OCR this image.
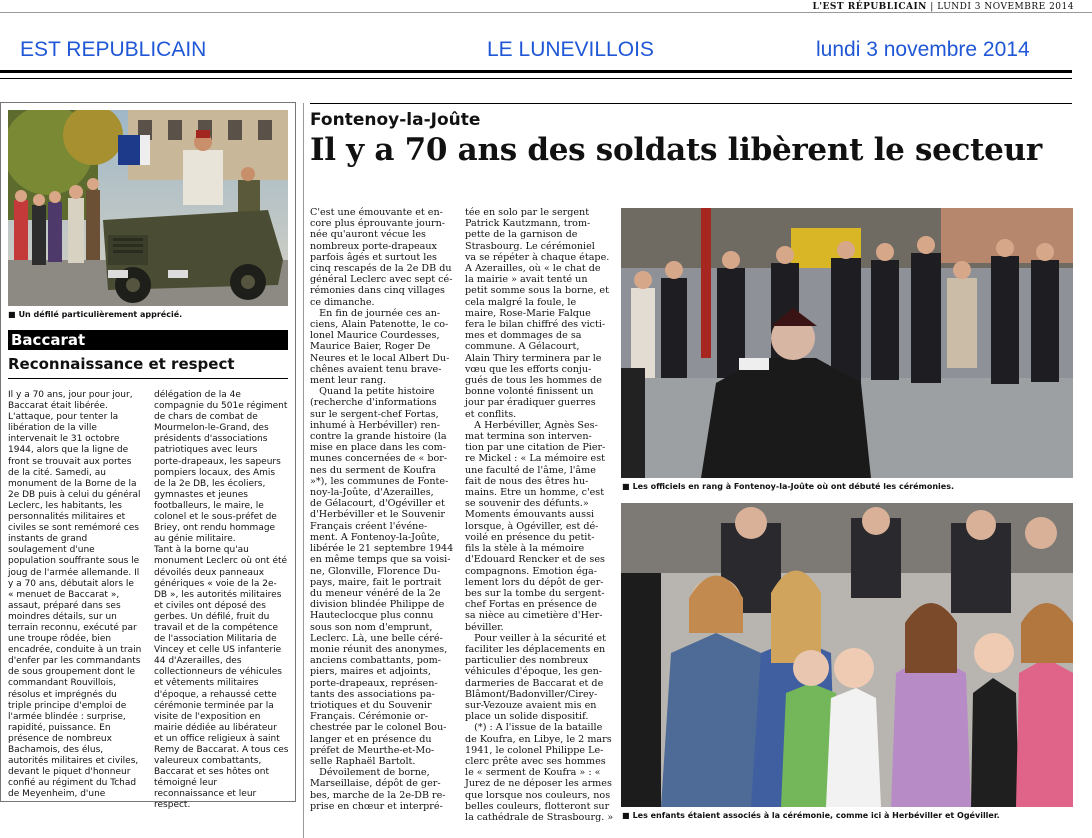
L'EST RÉPUBLICAIN | LUNDI 3 NOVEMBRE 2014
EST REPUBLICAIN	LE LUNEVILLOIS	lundi 3 novembre 2014
■ Un défilé particulièrement apprécié.
Baccarat
Reconnaissance et respect
Il y a 70 ans, jour pour jour,
Baccarat était libérée.
L'attaque, pour tenter la
libération de la ville
intervenait le 31 octobre
1944, alors que la ligne de
front se trouvait aux portes
de la cité. Samedi, au
monument de la Borne de la
2e DB puis à celui du général
Leclerc, les habitants, les
personnalités militaires et
civiles se sont remémoré ces
instants de grand
soulagement d'une
population souffrante sous le
joug de l'armée allemande. Il
y a 70 ans, débutait alors le
« menuet de Baccarat »,
assaut, préparé dans ses
moindres détails, sur un
terrain reconnu, exécuté par
une troupe rôdée, bien
encadrée, conduite à un train
d'enfer par les commandants
de sous groupement dont le
commandant Rouvillois,
résolus et imprégnés du
triple principe d'emploi de
l'armée blindée : surprise,
rapidité, puissance. En
présence de nombreux
Bachamois, des élus,
autorités militaires et civiles,
devant le piquet d'honneur
confié au régiment du Tchad
de Meyenheim, d'une
délégation de la 4e
compagnie du 501e régiment
de chars de combat de
Mourmelon-le-Grand, des
présidents d'associations
patriotiques avec leurs
porte-drapeaux, les sapeurs
pompiers locaux, des Amis
de la 2e DB, les écoliers,
gymnastes et jeunes
footballeurs, le maire, le
colonel et le sous-préfet de
Briey, ont rendu hommage
au génie militaire.
Tant à la borne qu'au
monument Leclerc où ont été
dévoilés deux panneaux
génériques « voie de la 2e-
DB », les autorités militaires
et civiles ont déposé des
gerbes. Un défilé, fruit du
travail et de la compétence
de l'association Militaria de
Vincey et celle US infanterie
44 d'Azerailles, des
collectionneurs de véhicules
et vêtements militaires
d'époque, a rehaussé cette
cérémonie terminée par la
visite de l'exposition en
mairie dédiée au libérateur
et un office religieux à saint
Remy de Baccarat. A tous ces
valeureux combattants,
Baccarat et ses hôtes ont
témoigné leur
reconnaissance et leur
respect.
Fontenoy-la-Joûte
Il y a 70 ans des soldats libèrent le secteur
C'est une émouvante et en-
core plus éprouvante journ-
née qu'auront vécue les
nombreux porte-drapeaux
parfois âgés et surtout les
cinq rescapés de la 2e DB du
général Leclerc avec sept cé-
rémonies dans cinq villages
ce dimanche.
En fin de journée ces an-
ciens, Alain Patenotte, le co-
lonel Maurice Courdesses,
Maurice Baier, Roger De
Neures et le local Albert Du-
chênes avaient tenu brave-
ment leur rang.
Quand la petite histoire
(recherche d'informations
sur le sergent-chef Fortas,
inhumé à Herbéviller) ren-
contre la grande histoire (la
mise en place dans les com-
munes concernées de « bor-
nes du serment de Koufra
»*), les communes de Fonte-
noy-la-Joûte, d'Azerailles,
de Gélacourt, d'Ogéviller et
d'Herbéviller et le Souvenir
Français créent l'événe-
ment. A Fontenoy-la-Joûte,
libérée le 21 septembre 1944
en même temps que sa voisi-
ne, Glonville, Florence Du-
pays, maire, fait le portrait
du meneur vénéré de la 2e
division blindée Philippe de
Hauteclocque plus connu
sous son nom d'emprunt,
Leclerc. Là, une belle céré-
monie réunit des anonymes,
anciens combattants, pom-
piers, maires et adjoints,
porte-drapeaux, représen-
tants des associations pa-
triotiques et du Souvenir
Français. Cérémonie or-
chestrée par le colonel Bou-
langer et en présence du
préfet de Meurthe-et-Mo-
selle Raphaël Bartolt.
Dévoilement de borne,
Marseillaise, dépôt de ger-
bes, marche de la 2e-DB re-
prise en chœur et interpré-
tée en solo par le sergent
Patrick Kautzmann, trom-
pette de la garnison de
Strasbourg. Le cérémoniel
va se répéter à chaque étape.
A Azerailles, où « le chat de
la mairie » avait tenté un
petit somme sous la borne, et
cela malgré la foule, le
maire, Rose-Marie Falque
fera le bilan chiffré des victi-
mes et dommages de sa
commune. A Gélacourt,
Alain Thiry terminera par le
vœu que les efforts conju-
gués de tous les hommes de
bonne volonté finissent un
jour par éradiquer guerres
et conflits.
A Herbéviller, Agnès Ses-
mat termina son interven-
tion par une citation de Pier-
re Mickel : « La mémoire est
une faculté de l'âme, l'âme
fait de nous des êtres hu-
mains. Etre un homme, c'est
se souvenir des défunts.»
Moments émouvants aussi
lorsque, à Ogéviller, est dé-
voilé en présence du petit-
fils la stèle à la mémoire
d'Edouard Rencker et de ses
compagnons. Emotion éga-
lement lors du dépôt de ger-
bes sur la tombe du sergent-
chef Fortas en présence de
sa nièce au cimetière d'Her-
béviller.
Pour veiller à la sécurité et
faciliter les déplacements en
particulier des nombreux
véhicules d'époque, les gen-
darmeries de Baccarat et de
Blâmont/Badonviller/Cirey-
sur-Vezouze avaient mis en
place un solide dispositif.
(*) : A l'issue de la bataille
de Koufra, en Libye, le 2 mars
1941, le colonel Philippe Le-
clerc prête avec ses hommes
le « serment de Koufra » : «
Jurez de ne déposer les armes
que lorsque nos couleurs, nos
belles couleurs, flotteront sur
la cathédrale de Strasbourg. »
■ Les officiels en rang à Fontenoy-la-Joûte où ont débuté les cérémonies.
■ Les enfants étaient associés à la cérémonie, comme ici à Herbéviller et Ogéviller.
